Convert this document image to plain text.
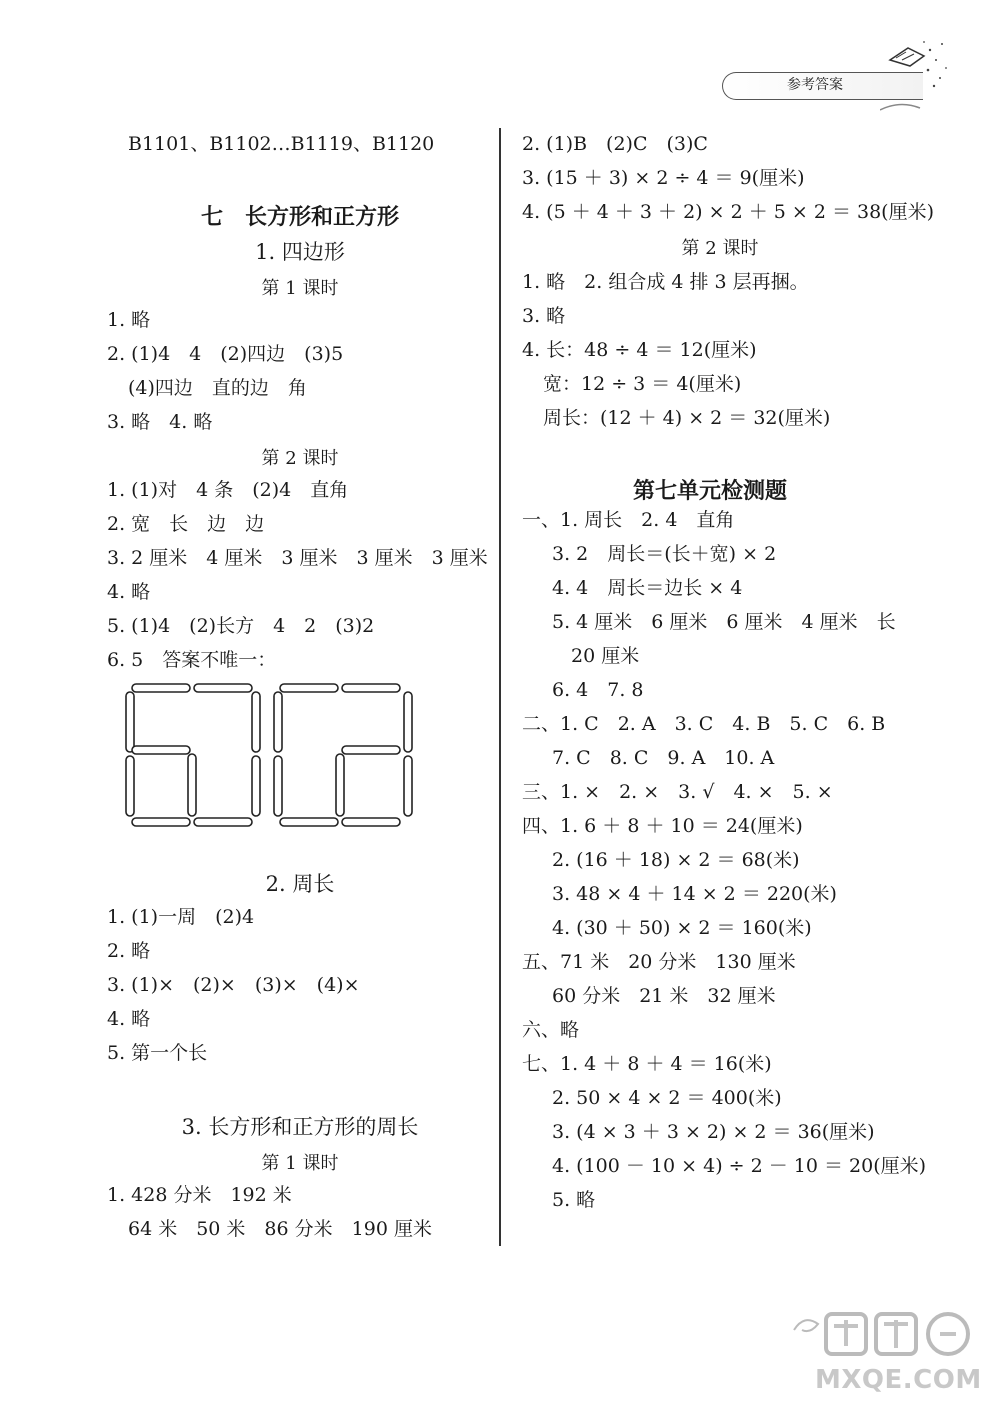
参考答案
B1101、B1102…B1119、B1120
七　长方形和正方形
1. 四边形
第 1 课时
1. 略
2. (1)4　4　(2)四边　(3)5
(4)四边　直的边　角
3. 略　4. 略
第 2 课时
1. (1)对　4 条　(2)4　直角
2. 宽　长　边　边
3. 2 厘米　4 厘米　3 厘米　3 厘米　3 厘米
4. 略
5. (1)4　(2)长方　4　2　(3)2
6. 5　答案不唯一：
2. 周长
1. (1)一周　(2)4
2. 略
3. (1)×　(2)×　(3)×　(4)×
4. 略
5. 第一个长
3. 长方形和正方形的周长
第 1 课时
1. 428 分米　192 米
64 米　50 米　86 分米　190 厘米
2. (1)B　(2)C　(3)C
3. (15 ＋ 3) × 2 ÷ 4 ＝ 9(厘米)
4. (5 ＋ 4 ＋ 3 ＋ 2) × 2 ＋ 5 × 2 ＝ 38(厘米)
第 2 课时
1. 略　2. 组合成 4 排 3 层再捆。
3. 略
4. 长：48 ÷ 4 ＝ 12(厘米)
宽：12 ÷ 3 ＝ 4(厘米)
周长：(12 ＋ 4) × 2 ＝ 32(厘米)
第七单元检测题
一、1. 周长　2. 4　直角
3. 2　周长＝(长＋宽) × 2
4. 4　周长＝边长 × 4
5. 4 厘米　6 厘米　6 厘米　4 厘米　长
20 厘米
6. 4　7. 8
二、1. C　2. A　3. C　4. B　5. C　6. B
7. C　8. C　9. A　10. A
三、1. ×　2. ×　3. √　4. ×　5. ×
四、1. 6 ＋ 8 ＋ 10 ＝ 24(厘米)
2. (16 ＋ 18) × 2 ＝ 68(米)
3. 48 × 4 ＋ 14 × 2 ＝ 220(米)
4. (30 ＋ 50) × 2 ＝ 160(米)
五、71 米　20 分米　130 厘米
60 分米　21 米　32 厘米
六、略
七、1. 4 ＋ 8 ＋ 4 ＝ 16(米)
2. 50 × 4 × 2 ＝ 400(米)
3. (4 × 3 ＋ 3 × 2) × 2 ＝ 36(厘米)
4. (100 － 10 × 4) ÷ 2 － 10 ＝ 20(厘米)
5. 略
MXQE.COM
